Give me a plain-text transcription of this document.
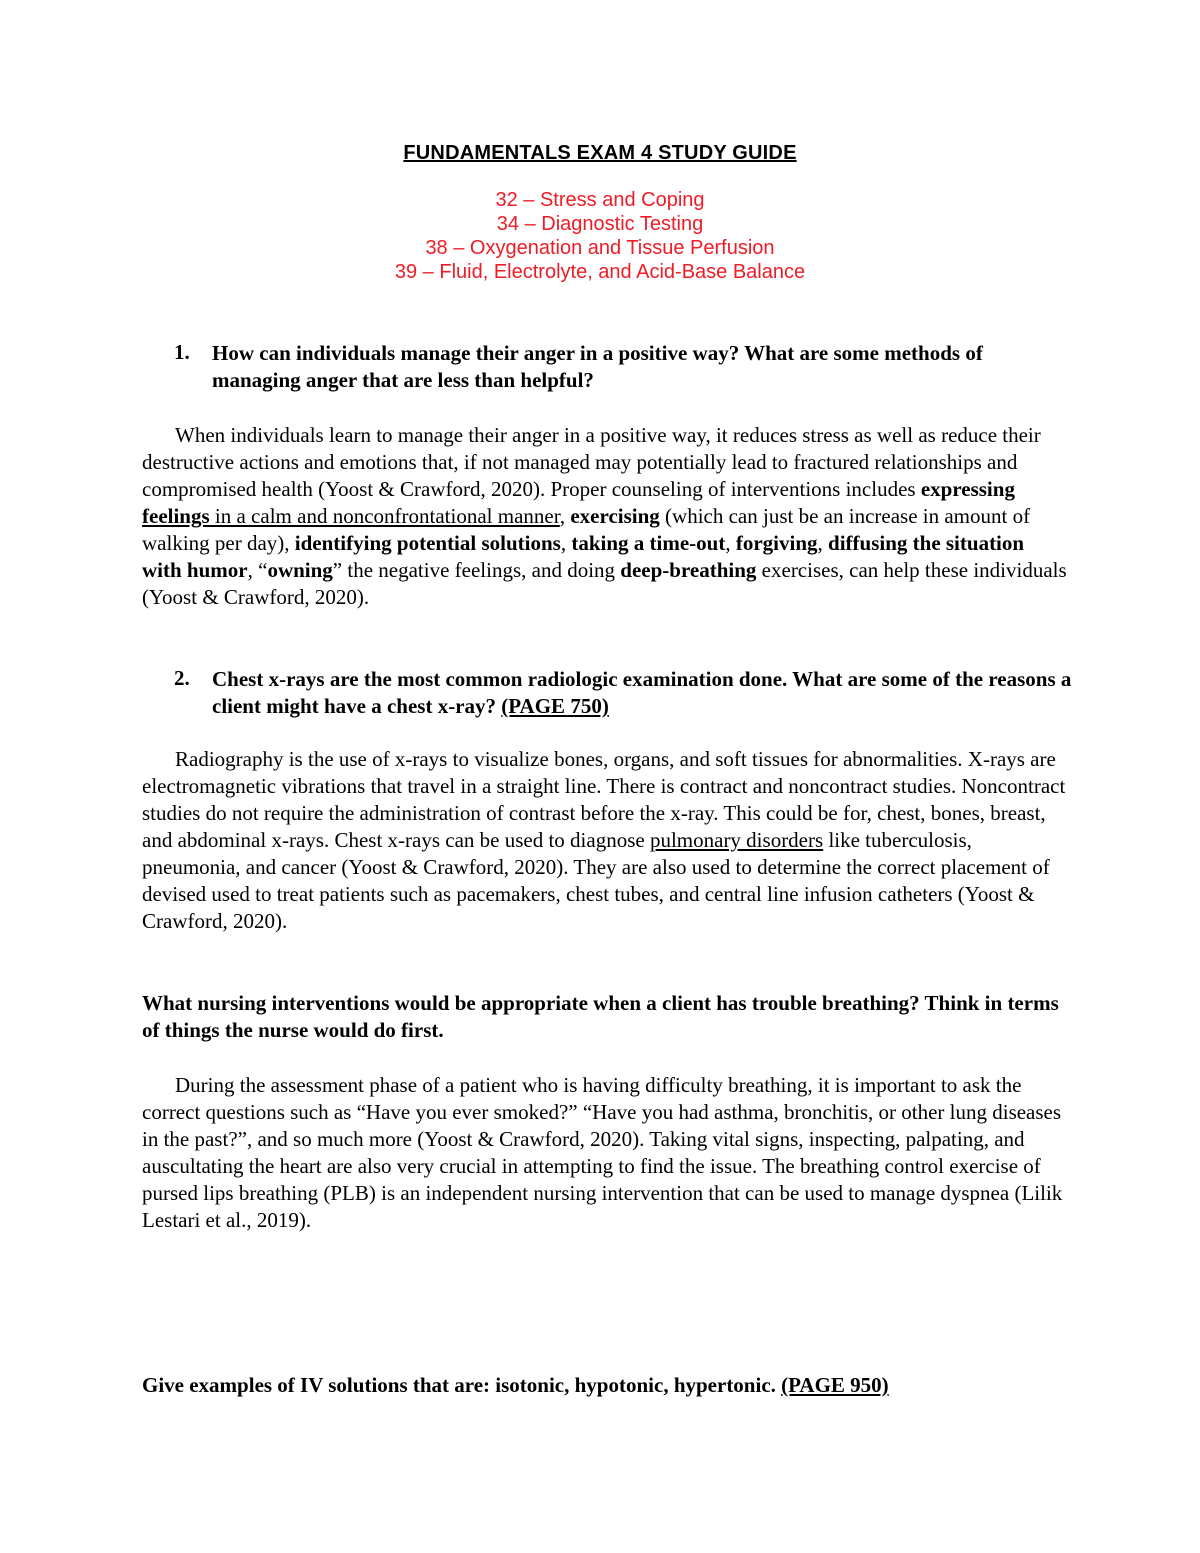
FUNDAMENTALS EXAM 4 STUDY GUIDE
32 – Stress and Coping
34 – Diagnostic Testing
38 – Oxygenation and Tissue Perfusion
39 – Fluid, Electrolyte, and Acid-Base Balance
1. How can individuals manage their anger in a positive way? What are some methods of managing anger that are less than helpful?
When individuals learn to manage their anger in a positive way, it reduces stress as well as reduce their destructive actions and emotions that, if not managed may potentially lead to fractured relationships and compromised health (Yoost & Crawford, 2020). Proper counseling of interventions includes expressing feelings in a calm and nonconfrontational manner, exercising (which can just be an increase in amount of walking per day), identifying potential solutions, taking a time-out, forgiving, diffusing the situation with humor, “owning” the negative feelings, and doing deep-breathing exercises, can help these individuals (Yoost & Crawford, 2020).
2. Chest x-rays are the most common radiologic examination done. What are some of the reasons a client might have a chest x-ray? (PAGE 750)
Radiography is the use of x-rays to visualize bones, organs, and soft tissues for abnormalities. X-rays are electromagnetic vibrations that travel in a straight line. There is contract and noncontract studies. Noncontract studies do not require the administration of contrast before the x-ray. This could be for, chest, bones, breast, and abdominal x-rays. Chest x-rays can be used to diagnose pulmonary disorders like tuberculosis, pneumonia, and cancer (Yoost & Crawford, 2020). They are also used to determine the correct placement of devised used to treat patients such as pacemakers, chest tubes, and central line infusion catheters (Yoost & Crawford, 2020).
What nursing interventions would be appropriate when a client has trouble breathing? Think in terms of things the nurse would do first.
During the assessment phase of a patient who is having difficulty breathing, it is important to ask the correct questions such as “Have you ever smoked?” “Have you had asthma, bronchitis, or other lung diseases in the past?”, and so much more (Yoost & Crawford, 2020). Taking vital signs, inspecting, palpating, and auscultating the heart are also very crucial in attempting to find the issue. The breathing control exercise of pursed lips breathing (PLB) is an independent nursing intervention that can be used to manage dyspnea (Lilik Lestari et al., 2019).
Give examples of IV solutions that are: isotonic, hypotonic, hypertonic. (PAGE 950)
